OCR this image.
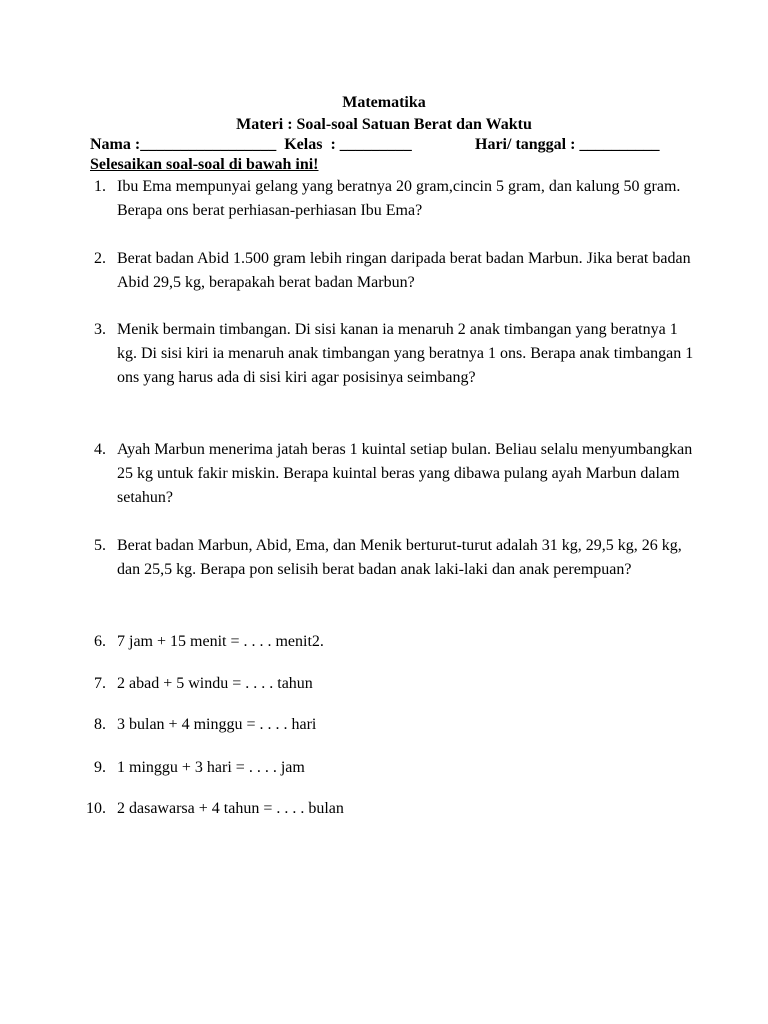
Matematika
Materi : Soal-soal Satuan Berat dan Waktu
Nama :_________________ Kelas  : _________	Hari/ tanggal : __________
Selesaikan soal-soal di bawah ini!
1. Ibu Ema mempunyai gelang yang beratnya 20 gram,cincin 5 gram, dan kalung 50 gram. Berapa ons berat perhiasan-perhiasan Ibu Ema?
2. Berat badan Abid 1.500 gram lebih ringan daripada berat badan Marbun. Jika berat badan Abid 29,5 kg, berapakah berat badan Marbun?
3. Menik bermain timbangan. Di sisi kanan ia menaruh 2 anak timbangan yang beratnya 1 kg. Di sisi kiri ia menaruh anak timbangan yang beratnya 1 ons. Berapa anak timbangan 1 ons yang harus ada di sisi kiri agar posisinya seimbang?
4. Ayah Marbun menerima jatah beras 1 kuintal setiap bulan. Beliau selalu menyumbangkan 25 kg untuk fakir miskin. Berapa kuintal beras yang dibawa pulang ayah Marbun dalam setahun?
5. Berat badan Marbun, Abid, Ema, dan Menik berturut-turut adalah 31 kg, 29,5 kg, 26 kg, dan 25,5 kg. Berapa pon selisih berat badan anak laki-laki dan anak perempuan?
6. 7 jam + 15 menit = . . . . menit2.
7. 2 abad + 5 windu = . . . . tahun
8. 3 bulan + 4 minggu = . . . . hari
9. 1 minggu + 3 hari = . . . . jam
10. 2 dasawarsa + 4 tahun = . . . . bulan
